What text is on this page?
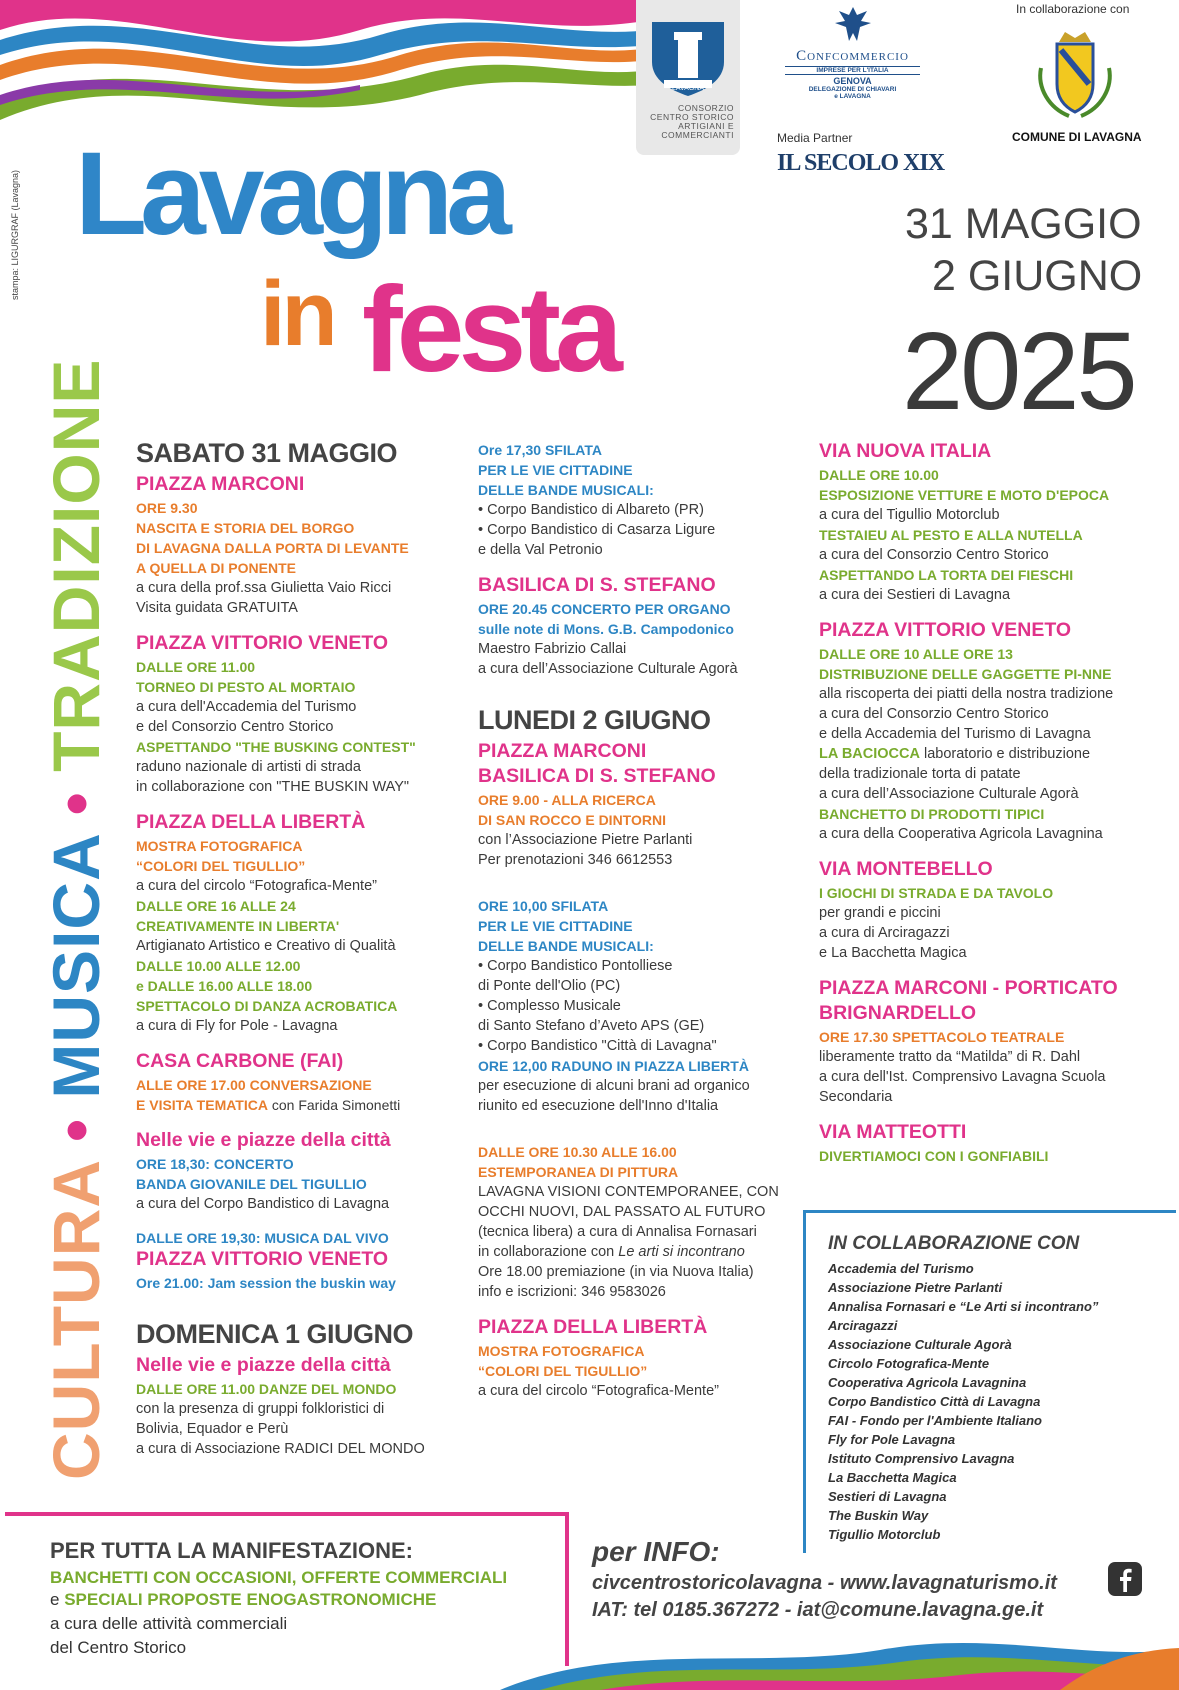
stampa: LIGURGRAF (Lavagna)
LAVAGNA
CONSORZIO
CENTRO STORICO
ARTIGIANI E
COMMERCIANTI
Confcommercio
IMPRESE PER L'ITALIA
GENOVA
DELEGAZIONE DI CHIAVARI
e LAVAGNA
Media Partner
IL SECOLO XIX
In collaborazione con
COMUNE DI LAVAGNA
Lavagna
in festa
31 MAGGIO
2 GIUGNO
2025
CULTURA • MUSICA • TRADIZIONE SABATO 31 MAGGIO

PIAZZA MARCONI

ORE 9.30

NASCITA E STORIA DEL BORGO

DI LAVAGNA DALLA PORTA DI LEVANTE

A QUELLA DI PONENTE

a cura della prof.ssa Giulietta Vaio Ricci

Visita guidata GRATUITA

PIAZZA VITTORIO VENETO

DALLE ORE 11.00

TORNEO DI PESTO AL MORTAIO

a cura dell'Accademia del Turismo

e del Consorzio Centro Storico

ASPETTANDO "THE BUSKING CONTEST"

raduno nazionale di artisti di strada

in collaborazione con "THE BUSKIN WAY"

PIAZZA DELLA LIBERTÀ

MOSTRA FOTOGRAFICA

“COLORI DEL TIGULLIO”

a cura del circolo “Fotografica-Mente”

DALLE ORE 16 ALLE 24

CREATIVAMENTE IN LIBERTA'

Artigianato Artistico e Creativo di Qualità

DALLE 10.00 ALLE 12.00

e DALLE 16.00 ALLE 18.00

SPETTACOLO DI DANZA ACROBATICA

a cura di Fly for Pole - Lavagna

CASA CARBONE (FAI)

ALLE ORE 17.00 CONVERSAZIONE

E VISITA TEMATICA con Farida Simonetti

Nelle vie e piazze della città

ORE 18,30: CONCERTO

BANDA GIOVANILE DEL TIGULLIO

a cura del Corpo Bandistico di Lavagna

DALLE ORE 19,30: MUSICA DAL VIVO

PIAZZA VITTORIO VENETO

Ore 21.00: Jam session the buskin way

DOMENICA 1 GIUGNO

Nelle vie e piazze della città

DALLE ORE 11.00 DANZE DEL MONDO

con la presenza di gruppi folkloristici di

Bolivia, Equador e Perù

a cura di Associazione RADICI DEL MONDO

Ore 17,30 SFILATA

PER LE VIE CITTADINE

DELLE BANDE MUSICALI:

• Corpo Bandistico di Albareto (PR)

• Corpo Bandistico di Casarza Ligure

e della Val Petronio

BASILICA DI S. STEFANO

ORE 20.45 CONCERTO PER ORGANO

sulle note di Mons. G.B. Campodonico

Maestro Fabrizio Callai

a cura dell’Associazione Culturale Agorà

LUNEDI 2 GIUGNO

PIAZZA MARCONI

BASILICA DI S. STEFANO

ORE 9.00 - ALLA RICERCA

DI SAN ROCCO E DINTORNI

con l’Associazione Pietre Parlanti

Per prenotazioni 346 6612553

ORE 10,00 SFILATA

PER LE VIE CITTADINE

DELLE BANDE MUSICALI:

• Corpo Bandistico Pontolliese

di Ponte dell'Olio (PC)

• Complesso Musicale

di Santo Stefano d’Aveto APS (GE)

• Corpo Bandistico "Città di Lavagna"

ORE 12,00 RADUNO IN PIAZZA LIBERTÀ

per esecuzione di alcuni brani ad organico

riunito ed esecuzione dell'Inno d'Italia

DALLE ORE 10.30 ALLE 16.00

ESTEMPORANEA DI PITTURA

LAVAGNA VISIONI CONTEMPORANEE, CON

OCCHI NUOVI, DAL PASSATO AL FUTURO

(tecnica libera) a cura di Annalisa Fornasari

in collaborazione con Le arti si incontrano

Ore 18.00 premiazione (in via Nuova Italia)

info e iscrizioni: 346 9583026

PIAZZA DELLA LIBERTÀ

MOSTRA FOTOGRAFICA

“COLORI DEL TIGULLIO”

a cura del circolo “Fotografica-Mente”

VIA NUOVA ITALIA

DALLE ORE 10.00

ESPOSIZIONE VETTURE E MOTO D'EPOCA

a cura del Tigullio Motorclub

TESTAIEU AL PESTO E ALLA NUTELLA

a cura del Consorzio Centro Storico

ASPETTANDO LA TORTA DEI FIESCHI

a cura dei Sestieri di Lavagna

PIAZZA VITTORIO VENETO

DALLE ORE 10 ALLE ORE 13

DISTRIBUZIONE DELLE GAGGETTE PI-NNE

alla riscoperta dei piatti della nostra tradizione

a cura del Consorzio Centro Storico

e della Accademia del Turismo di Lavagna

LA BACIOCCA laboratorio e distribuzione

della tradizionale torta di patate

a cura dell’Associazione Culturale Agorà

BANCHETTO DI PRODOTTI TIPICI

a cura della Cooperativa Agricola Lavagnina

VIA MONTEBELLO

I GIOCHI DI STRADA E DA TAVOLO

per grandi e piccini

a cura di Arciragazzi

e La Bacchetta Magica

PIAZZA MARCONI - PORTICATO

BRIGNARDELLO

ORE 17.30 SPETTACOLO TEATRALE

liberamente tratto da “Matilda” di R. Dahl

a cura dell'Ist. Comprensivo Lavagna Scuola

Secondaria

VIA MATTEOTTI

DIVERTIAMOCI CON I GONFIABILI

IN COLLABORAZIONE CON

Accademia del Turismo

Associazione Pietre Parlanti

Annalisa Fornasari e “Le Arti si incontrano”

Arciragazzi

Associazione Culturale Agorà

Circolo Fotografica-Mente

Cooperativa Agricola Lavagnina

Corpo Bandistico Città di Lavagna

FAI - Fondo per l'Ambiente Italiano

Fly for Pole Lavagna

Istituto Comprensivo Lavagna

La Bacchetta Magica

Sestieri di Lavagna

The Buskin Way

Tigullio Motorclub

PER TUTTA LA MANIFESTAZIONE:
BANCHETTI CON OCCASIONI, OFFERTE COMMERCIALI
e SPECIALI PROPOSTE ENOGASTRONOMICHE
a cura delle attività commerciali
del Centro Storico

per INFO:

civcentrostoricolavagna - www.lavagnaturismo.it

IAT: tel 0185.367272 - iat@comune.lavagna.ge.it
